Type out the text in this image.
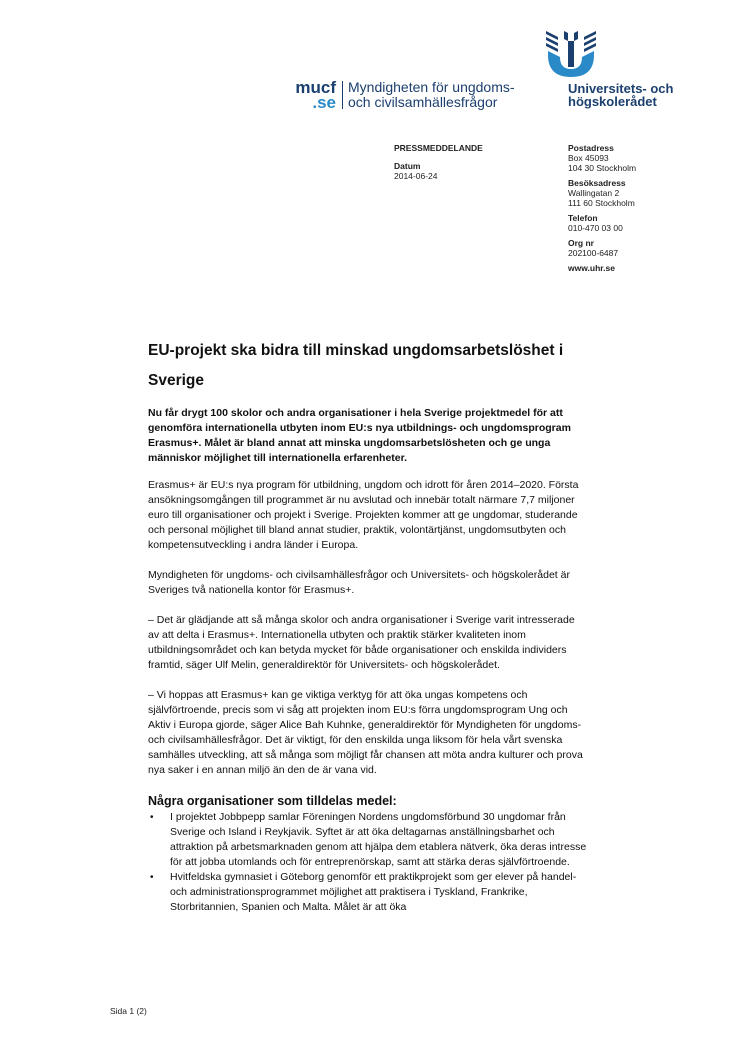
mucf
.se
Myndigheten för ungdoms-
och civilsamhällesfrågor
Universitets- och
högskolerådet
PRESSMEDDELANDE
Datum
2014-06-24
Postadress
Box 45093
104 30 Stockholm
Besöksadress
Wallingatan 2
111 60 Stockholm
Telefon
010-470 03 00
Org nr
202100-6487
www.uhr.se
EU-projekt ska bidra till minskad ungdomsarbetslöshet i Sverige

Nu får drygt 100 skolor och andra organisationer i hela Sverige projektmedel för att genomföra internationella utbyten inom EU:s nya utbildnings- och ungdomsprogram Erasmus+. Målet är bland annat att minska ungdomsarbetslösheten och ge unga människor möjlighet till internationella erfarenheter.

Erasmus+ är EU:s nya program för utbildning, ungdom och idrott för åren 2014–2020. Första ansökningsomgången till programmet är nu avslutad och innebär totalt närmare 7,7 miljoner euro till organisationer och projekt i Sverige. Projekten kommer att ge ungdomar, studerande och personal möjlighet till bland annat studier, praktik, volontärtjänst, ungdomsutbyten och kompetensutveckling i andra länder i Europa.

Myndigheten för ungdoms- och civilsamhällesfrågor och Universitets- och högskolerådet är Sveriges två nationella kontor för Erasmus+.

– Det är glädjande att så många skolor och andra organisationer i Sverige varit intresserade av att delta i Erasmus+. Internationella utbyten och praktik stärker kvaliteten inom utbildningsområdet och kan betyda mycket för både organisationer och enskilda individers framtid, säger Ulf Melin, generaldirektör för Universitets- och högskolerådet.

– Vi hoppas att Erasmus+ kan ge viktiga verktyg för att öka ungas kompetens och självförtroende, precis som vi såg att projekten inom EU:s förra ungdomsprogram Ung och Aktiv i Europa gjorde, säger Alice Bah Kuhnke, generaldirektör för Myndigheten för ungdoms- och civilsamhällesfrågor. Det är viktigt, för den enskilda unga liksom för hela vårt svenska samhälles utveckling, att så många som möjligt får chansen att möta andra kulturer och prova nya saker i en annan miljö än den de är vana vid.

Några organisationer som tilldelas medel:
• I projektet Jobbpepp samlar Föreningen Nordens ungdomsförbund 30 ungdomar från Sverige och Island i Reykjavik. Syftet är att öka deltagarnas anställningsbarhet och attraktion på arbetsmarknaden genom att hjälpa dem etablera nätverk, öka deras intresse för att jobba utomlands och för entreprenörskap, samt att stärka deras självförtroende.
• Hvitfeldska gymnasiet i Göteborg genomför ett praktikprojekt som ger elever på handel- och administrationsprogrammet möjlighet att praktisera i Tyskland, Frankrike, Storbritannien, Spanien och Malta. Målet är att öka
Sida 1 (2)
